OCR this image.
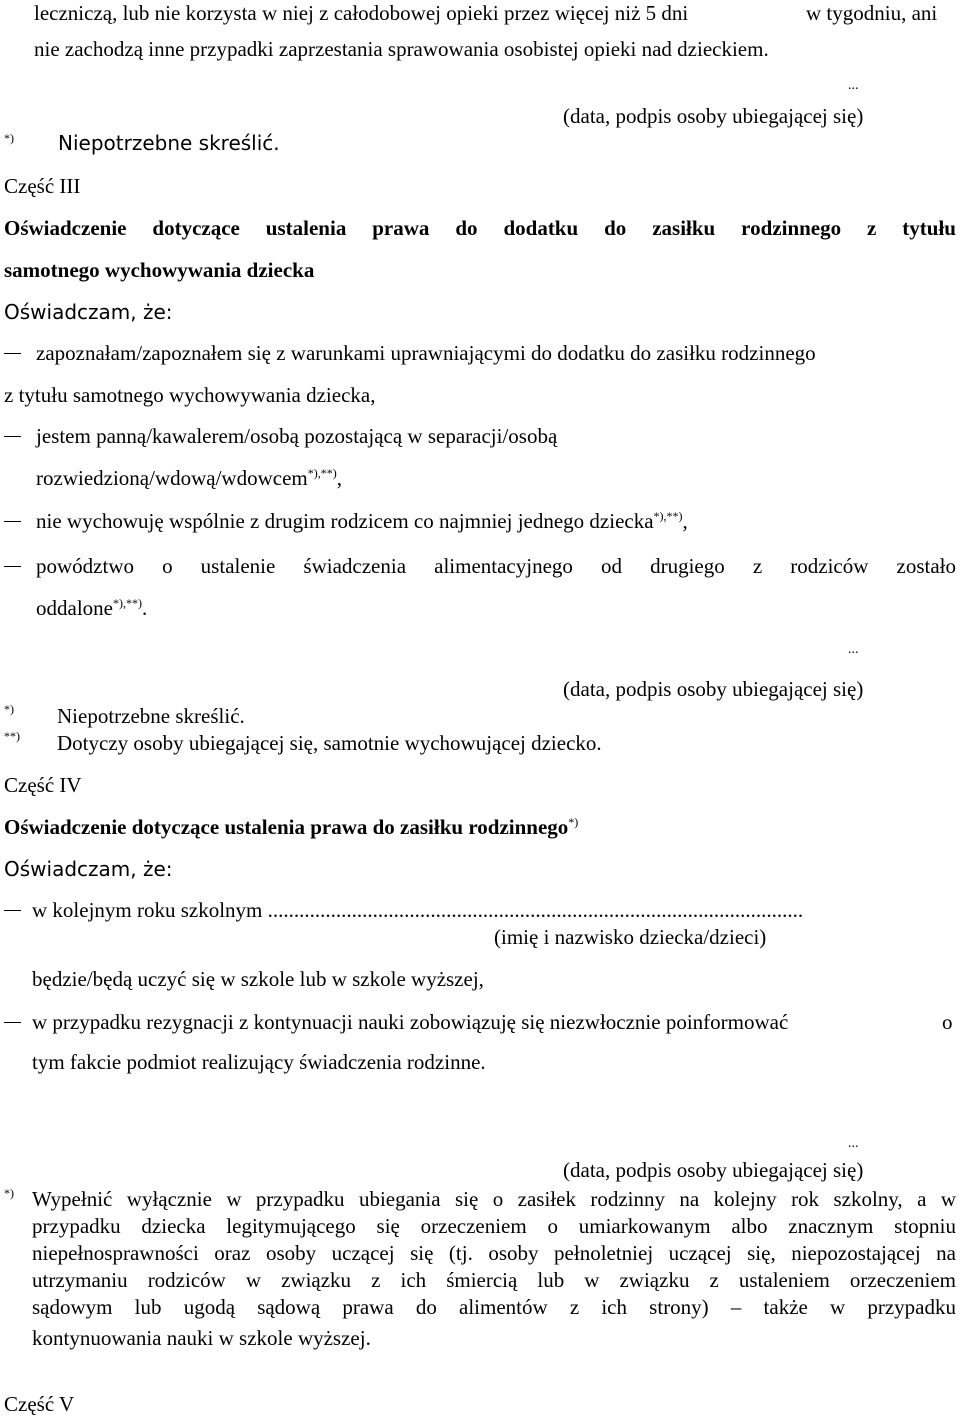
leczniczą, lub nie korzysta w niej z całodobowej opieki przez więcej niż 5 dni	w tygodniu, ani
nie zachodzą inne przypadki zaprzestania sprawowania osobistej opieki nad dzieckiem.
...
(data, podpis osoby ubiegającej się)
*) Niepotrzebne skreślić.
Część III
Oświadczenie dotyczące ustalenia prawa do dodatku do zasiłku rodzinnego z tytułu
samotnego wychowywania dziecka
Oświadczam, że:
zapoznałam/zapoznałem się z warunkami uprawniającymi do dodatku do zasiłku rodzinnego
z tytułu samotnego wychowywania dziecka,
jestem panną/kawalerem/osobą pozostającą w separacji/osobą
rozwiedzioną/wdową/wdowcem*),**),
nie wychowuję wspólnie z drugim rodzicem co najmniej jednego dziecka*),**),
powództwo o ustalenie świadczenia alimentacyjnego od drugiego z rodziców zostało
oddalone*),**).
...
(data, podpis osoby ubiegającej się)
*) Niepotrzebne skreślić.
**) Dotyczy osoby ubiegającej się, samotnie wychowującej dziecko.
Część IV
Oświadczenie dotyczące ustalenia prawa do zasiłku rodzinnego*)
Oświadczam, że:
w kolejnym roku szkolnym ......................................................................................................
(imię i nazwisko dziecka/dzieci)
będzie/będą uczyć się w szkole lub w szkole wyższej,
w przypadku rezygnacji z kontynuacji nauki zobowiązuję się niezwłocznie poinformować	o
tym fakcie podmiot realizujący świadczenia rodzinne.
...
(data, podpis osoby ubiegającej się)
*) Wypełnić wyłącznie w przypadku ubiegania się o zasiłek rodzinny na kolejny rok szkolny, a w
przypadku dziecka legitymującego się orzeczeniem o umiarkowanym albo znacznym stopniu
niepełnosprawności oraz osoby uczącej się (tj. osoby pełnoletniej uczącej się, niepozostającej na
utrzymaniu rodziców w związku z ich śmiercią lub w związku z ustaleniem orzeczeniem
sądowym lub ugodą sądową prawa do alimentów z ich strony) – także w przypadku
kontynuowania nauki w szkole wyższej.
Część V
